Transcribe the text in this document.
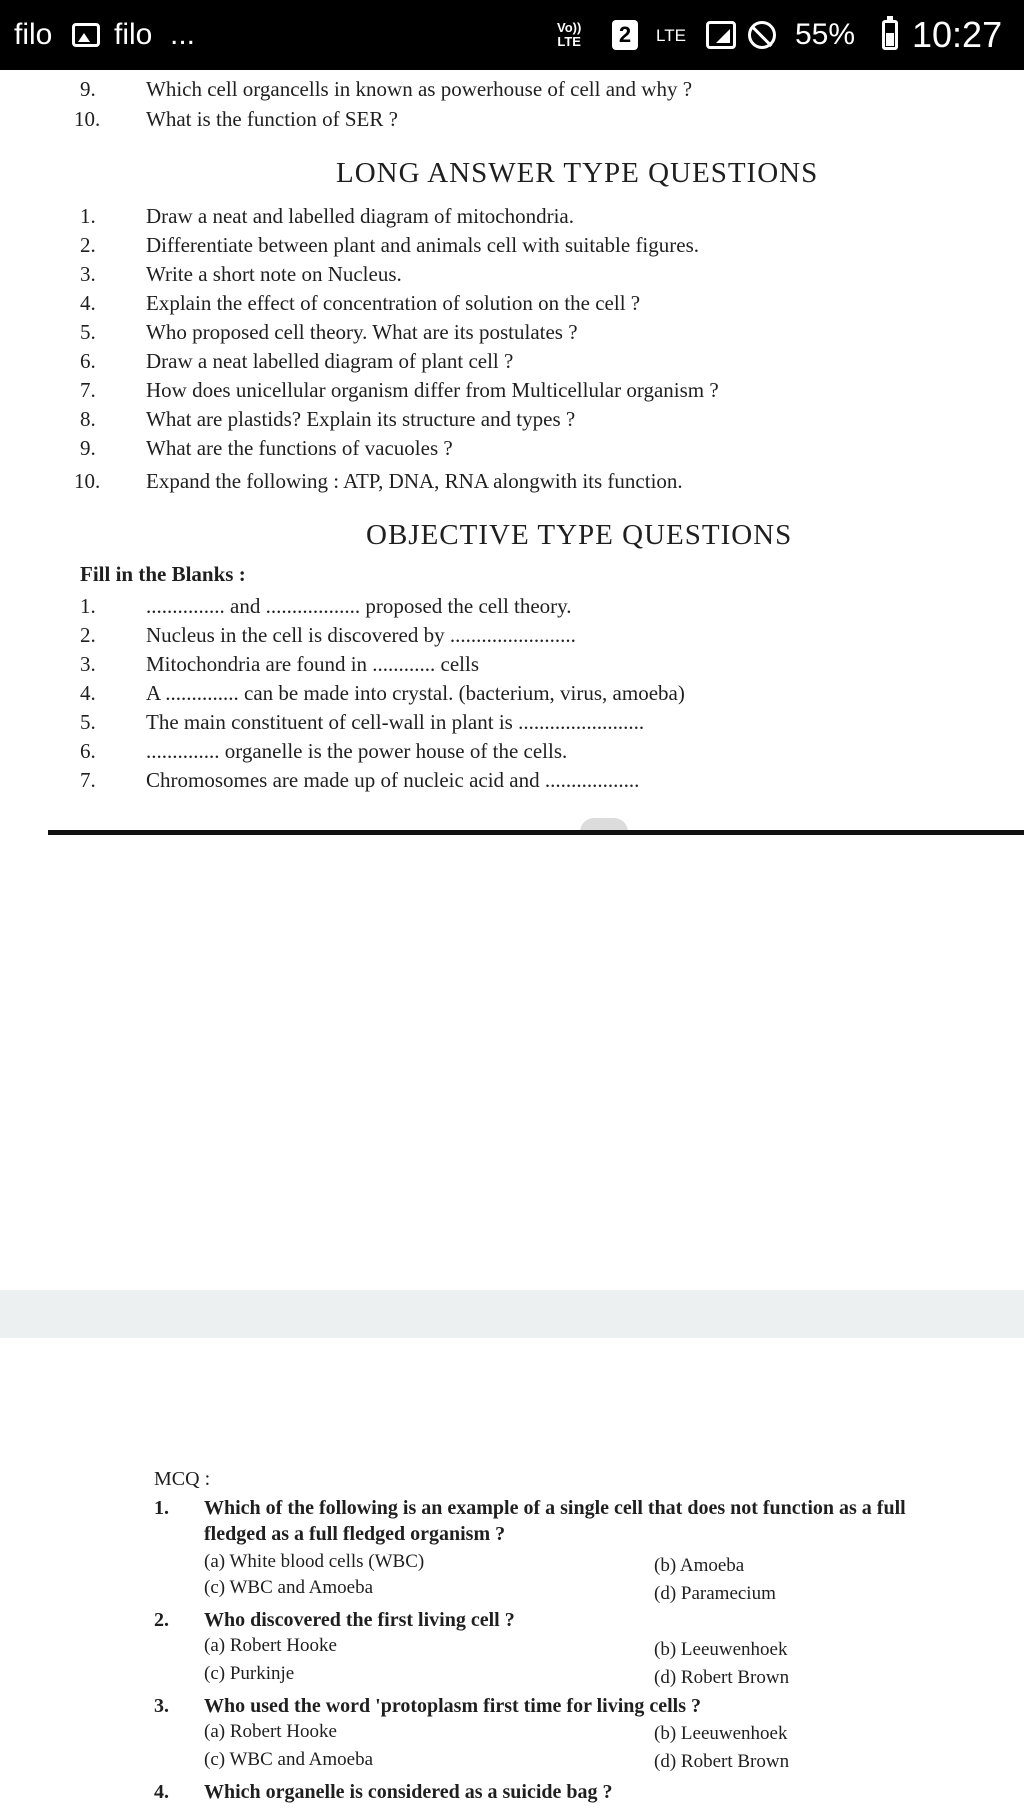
filo filo ...	Vo))
LTE	2	LTE	55% 10:27
9. Which cell organcells in known as powerhouse of cell and why ?
10. What is the function of SER ?
LONG ANSWER TYPE QUESTIONS
1. Draw a neat and labelled diagram of mitochondria.
2. Differentiate between plant and animals cell with suitable figures.
3. Write a short note on Nucleus.
4. Explain the effect of concentration of solution on the cell ?
5. Who proposed cell theory. What are its postulates ?
6. Draw a neat labelled diagram of plant cell ?
7. How does unicellular organism differ from Multicellular organism ?
8. What are plastids? Explain its structure and types ?
9. What are the functions of vacuoles ?
10. Expand the following : ATP, DNA, RNA alongwith its function.
OBJECTIVE TYPE QUESTIONS
Fill in the Blanks :
1. ............... and .................. proposed the cell theory.
2. Nucleus in the cell is discovered by ........................
3. Mitochondria are found in ............ cells
4. A .............. can be made into crystal. (bacterium, virus, amoeba)
5. The main constituent of cell-wall in plant is ........................
6. .............. organelle is the power house of the cells.
7. Chromosomes are made up of nucleic acid and ..................
MCQ :
1. Which of the following is an example of a single cell that does not function as a full
fledged as a full fledged organism ?
(a) White blood cells (WBC)	(b) Amoeba
(c) WBC and Amoeba	(d) Paramecium
2. Who discovered the first living cell ?
(a) Robert Hooke	(b) Leeuwenhoek
(c) Purkinje	(d) Robert Brown
3. Who used the word 'protoplasm first time for living cells ?
(a) Robert Hooke	(b) Leeuwenhoek
(c) WBC and Amoeba	(d) Robert Brown
4. Which organelle is considered as a suicide bag ?
